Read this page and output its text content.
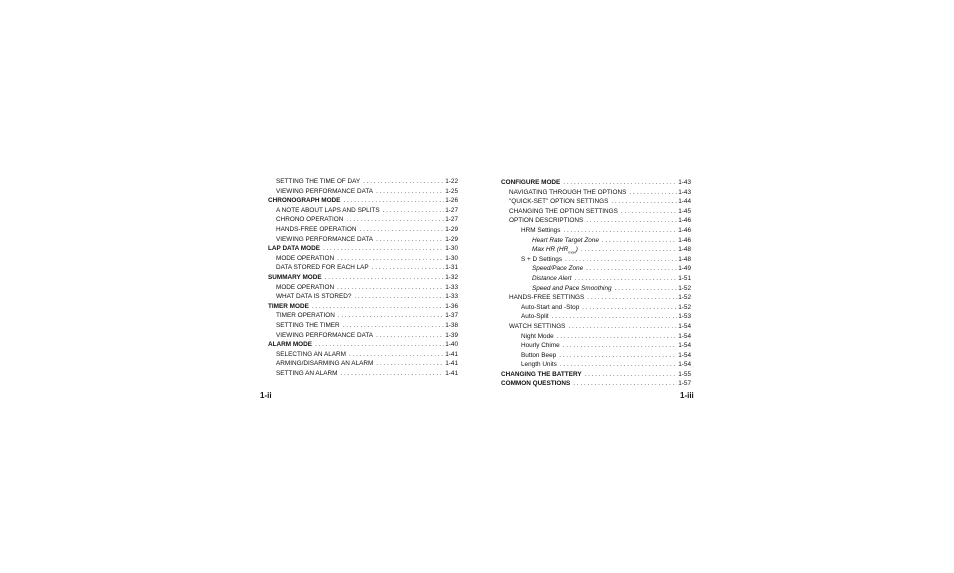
SETTING THE TIME OF DAY . . .	1-22
VIEWING PERFORMANCE DATA . . .	1-25
CHRONOGRAPH MODE . . .	1-26
A NOTE ABOUT LAPS AND SPLITS . . .	1-27
CHRONO OPERATION . . .	1-27
HANDS-FREE OPERATION . . .	1-29
VIEWING PERFORMANCE DATA . . .	1-29
LAP DATA MODE . . .	1-30
MODE OPERATION . . .	1-30
DATA STORED FOR EACH LAP . . .	1-31
SUMMARY MODE . . .	1-32
MODE OPERATION . . .	1-33
WHAT DATA IS STORED? . . .	1-33
TIMER MODE . . .	1-36
TIMER OPERATION . . .	1-37
SETTING THE TIMER . . .	1-38
VIEWING PERFORMANCE DATA . . .	1-39
ALARM MODE . . .	1-40
SELECTING AN ALARM . . .	1-41
ARMING/DISARMING AN ALARM . . .	1-41
SETTING AN ALARM . . .	1-41
CONFIGURE MODE . . .	1-43
NAVIGATING THROUGH THE OPTIONS . . .	1-43
"QUICK-SET" OPTION SETTINGS . . .	1-44
CHANGING THE OPTION SETTINGS . . .	1-45
OPTION DESCRIPTIONS . . .	1-46
HRM Settings . . .	1-46
Heart Rate Target Zone . . .	1-46
Max HR $(HR_{max})$ . . .	1-48
S + D Settings . . .	1-48
Speed/Pace Zone . . .	1-49
Distance Alert . . .	1-51
Speed and Pace Smoothing . . .	1-52
HANDS-FREE SETTINGS . . .	1-52
Auto-Start and -Stop . . .	1-52
Auto-Split . . .	1-53
WATCH SETTINGS . . .	1-54
Night Mode . . .	1-54
Hourly Chime . . .	1-54
Button Beep . . .	1-54
Length Units . . .	1-54
CHANGING THE BATTERY . . .	1-55
COMMON QUESTIONS . . .	1-57
1-ii	1-iii
